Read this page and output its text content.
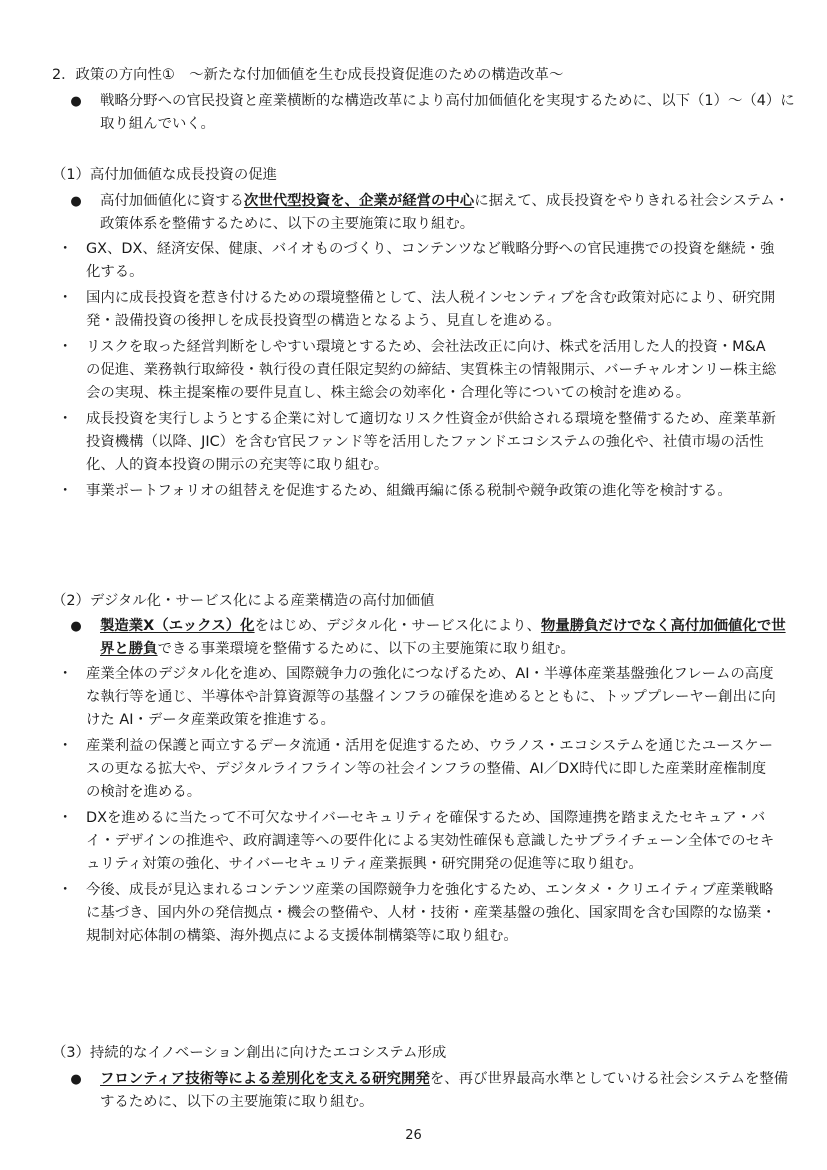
2．政策の方向性①　～新たな付加価値を生む成長投資促進のための構造改革～
● 戦略分野への官民投資と産業横断的な構造改革により高付加価値化を実現するために、以下（1）～（4）に取り組んでいく。
（1）高付加価値な成長投資の促進
● 高付加価値化に資する次世代型投資を、企業が経営の中心に据えて、成長投資をやりきれる社会システム・政策体系を整備するために、以下の主要施策に取り組む。
・ GX、DX、経済安保、健康、バイオものづくり、コンテンツなど戦略分野への官民連携での投資を継続・強化する。
・ 国内に成長投資を惹き付けるための環境整備として、法人税インセンティブを含む政策対応により、研究開発・設備投資の後押しを成長投資型の構造となるよう、見直しを進める。
・ リスクを取った経営判断をしやすい環境とするため、会社法改正に向け、株式を活用した人的投資・M&A の促進、業務執行取締役・執行役の責任限定契約の締結、実質株主の情報開示、バーチャルオンリー株主総会の実現、株主提案権の要件見直し、株主総会の効率化・合理化等についての検討を進める。
・ 成長投資を実行しようとする企業に対して適切なリスク性資金が供給される環境を整備するため、産業革新投資機構（以降、JIC）を含む官民ファンド等を活用したファンドエコシステムの強化や、社債市場の活性化、人的資本投資の開示の充実等に取り組む。
・ 事業ポートフォリオの組替えを促進するため、組織再編に係る税制や競争政策の進化等を検討する。
（2）デジタル化・サービス化による産業構造の高付加価値
● 製造業X（エックス）化をはじめ、デジタル化・サービス化により、物量勝負だけでなく高付加価値化で世界と勝負できる事業環境を整備するために、以下の主要施策に取り組む。
・ 産業全体のデジタル化を進め、国際競争力の強化につなげるため、AI・半導体産業基盤強化フレームの高度な執行等を通じ、半導体や計算資源等の基盤インフラの確保を進めるとともに、トッププレーヤー創出に向けた AI・データ産業政策を推進する。
・ 産業利益の保護と両立するデータ流通・活用を促進するため、ウラノス・エコシステムを通じたユースケースの更なる拡大や、デジタルライフライン等の社会インフラの整備、AI／DX時代に即した産業財産権制度の検討を進める。
・ DXを進めるに当たって不可欠なサイバーセキュリティを確保するため、国際連携を踏まえたセキュア・バイ・デザインの推進や、政府調達等への要件化による実効性確保も意識したサプライチェーン全体でのセキュリティ対策の強化、サイバーセキュリティ産業振興・研究開発の促進等に取り組む。
・ 今後、成長が見込まれるコンテンツ産業の国際競争力を強化するため、エンタメ・クリエイティブ産業戦略に基づき、国内外の発信拠点・機会の整備や、人材・技術・産業基盤の強化、国家間を含む国際的な協業・規制対応体制の構築、海外拠点による支援体制構築等に取り組む。
（3）持続的なイノベーション創出に向けたエコシステム形成
● フロンティア技術等による差別化を支える研究開発を、再び世界最高水準としていける社会システムを整備するために、以下の主要施策に取り組む。
26
